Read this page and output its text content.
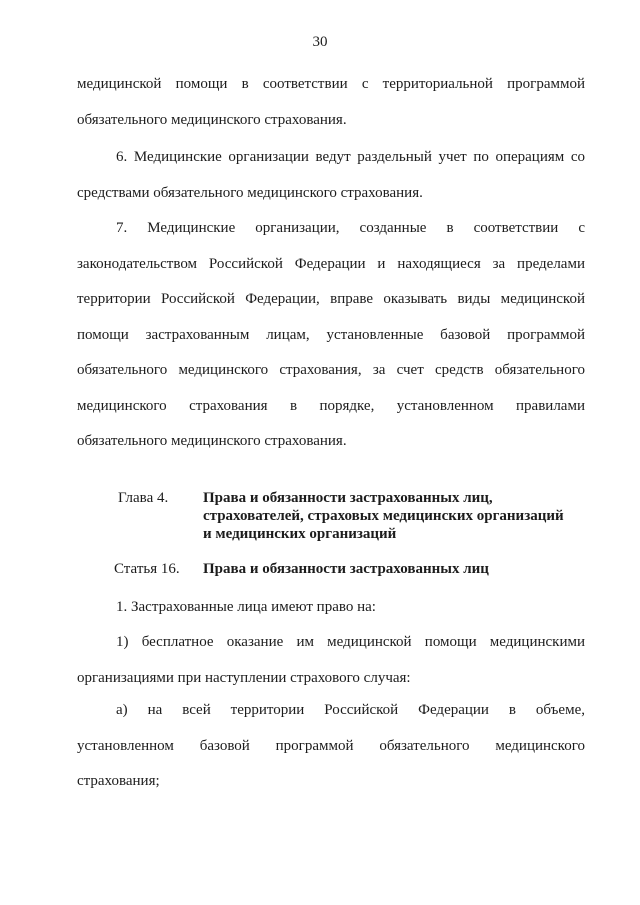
30
медицинской помощи в соответствии с территориальной программой
обязательного медицинского страхования.
6. Медицинские организации ведут раздельный учет по операциям со
средствами обязательного медицинского страхования.
7. Медицинские организации, созданные в соответствии с
законодательством Российской Федерации и находящиеся за пределами
территории Российской Федерации, вправе оказывать виды медицинской
помощи застрахованным лицам, установленные базовой программой
обязательного медицинского страхования, за счет средств обязательного
медицинского страхования в порядке, установленном правилами
обязательного медицинского страхования.
Глава 4. Права и обязанности застрахованных лиц,
страхователей, страховых медицинских организаций
и медицинских организаций
Статья 16. Права и обязанности застрахованных лиц
1. Застрахованные лица имеют право на:
1) бесплатное оказание им медицинской помощи медицинскими
организациями при наступлении страхового случая:
а) на всей территории Российской Федерации в объеме,
установленном базовой программой обязательного медицинского
страхования;
